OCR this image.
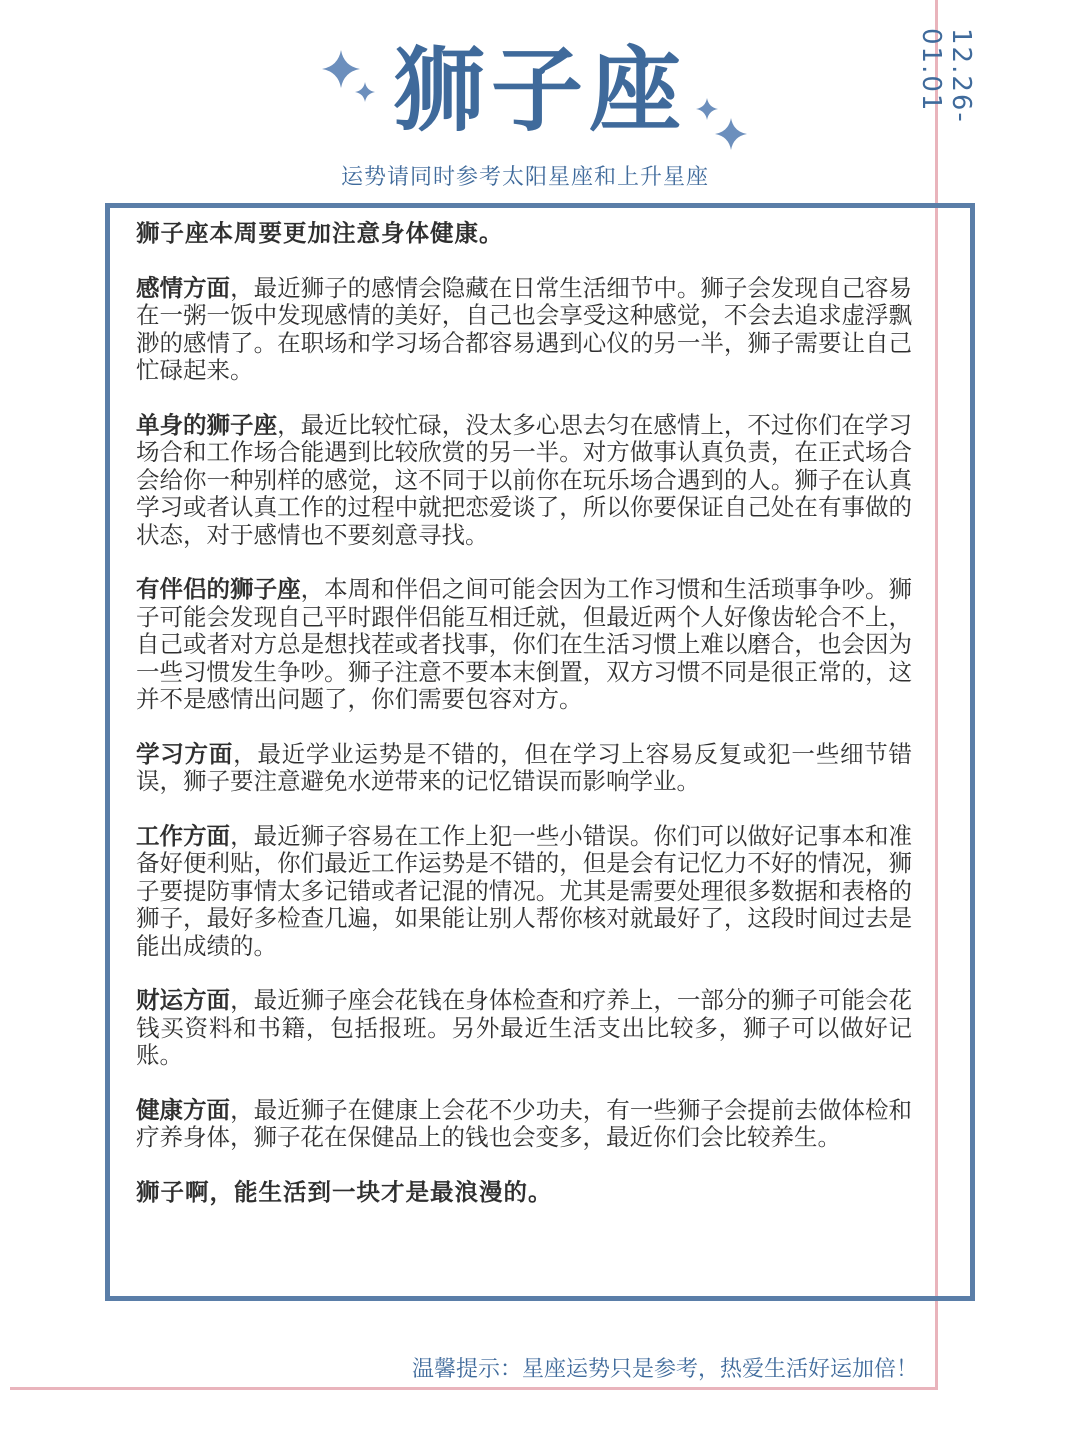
12.26-01.01
狮子座
运势请同时参考太阳星座和上升星座

狮子座本周要更加注意身体健康。

感情方面，最近狮子的感情会隐藏在日常生活细节中。狮子会发现自己容易在一粥一饭中发现感情的美好，自己也会享受这种感觉，不会去追求虚浮飘渺的感情了。在职场和学习场合都容易遇到心仪的另一半，狮子需要让自己忙碌起来。

单身的狮子座，最近比较忙碌，没太多心思去匀在感情上，不过你们在学习场合和工作场合能遇到比较欣赏的另一半。对方做事认真负责，在正式场合会给你一种别样的感觉，这不同于以前你在玩乐场合遇到的人。狮子在认真学习或者认真工作的过程中就把恋爱谈了，所以你要保证自己处在有事做的状态，对于感情也不要刻意寻找。

有伴侣的狮子座，本周和伴侣之间可能会因为工作习惯和生活琐事争吵。狮子可能会发现自己平时跟伴侣能互相迁就，但最近两个人好像齿轮合不上，自己或者对方总是想找茬或者找事，你们在生活习惯上难以磨合，也会因为一些习惯发生争吵。狮子注意不要本末倒置，双方习惯不同是很正常的，这并不是感情出问题了，你们需要包容对方。

学习方面，最近学业运势是不错的，但在学习上容易反复或犯一些细节错误，狮子要注意避免水逆带来的记忆错误而影响学业。

工作方面，最近狮子容易在工作上犯一些小错误。你们可以做好记事本和准备好便利贴，你们最近工作运势是不错的，但是会有记忆力不好的情况，狮子要提防事情太多记错或者记混的情况。尤其是需要处理很多数据和表格的狮子，最好多检查几遍，如果能让别人帮你核对就最好了，这段时间过去是能出成绩的。

财运方面，最近狮子座会花钱在身体检查和疗养上，一部分的狮子可能会花钱买资料和书籍，包括报班。另外最近生活支出比较多，狮子可以做好记账。

健康方面，最近狮子在健康上会花不少功夫，有一些狮子会提前去做体检和疗养身体，狮子花在保健品上的钱也会变多，最近你们会比较养生。

狮子啊，能生活到一块才是最浪漫的。

温馨提示：星座运势只是参考，热爱生活好运加倍！
